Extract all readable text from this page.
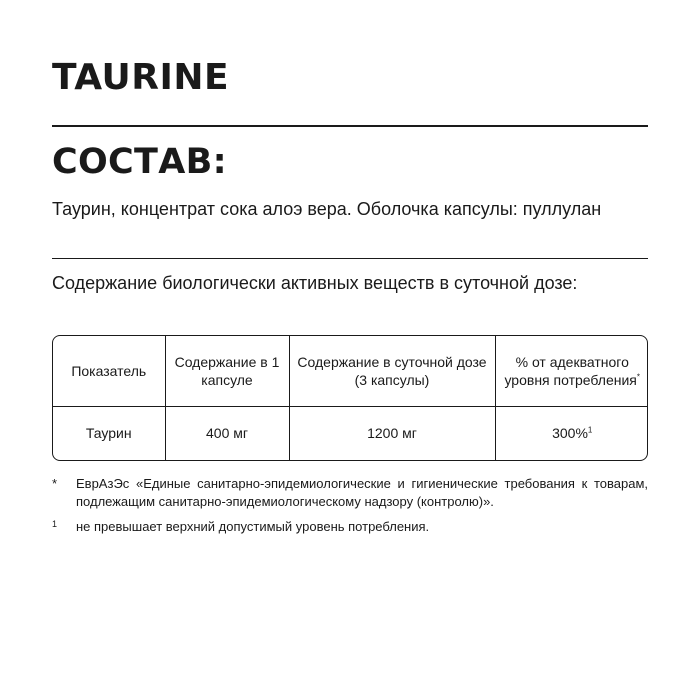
TAURINE
СОСТАВ:

Таурин, концентрат сока алоэ вера. Оболочка капсулы: пуллулан

Содержание биологически активных веществ в суточной дозе:

Показатель	Содержание в 1 капсуле	Содержание в суточной дозе (3 капсулы)	% от адекватного уровня потребления*
Таурин	400 мг	1200 мг	300%$^1$
*	ЕврАзЭс «Единые санитарно-эпидемиологические и гигиенические требования к товарам, подлежащим санитарно-эпидемиологическому надзору (контролю)».
$^1$	не превышает верхний допустимый уровень потребления.
